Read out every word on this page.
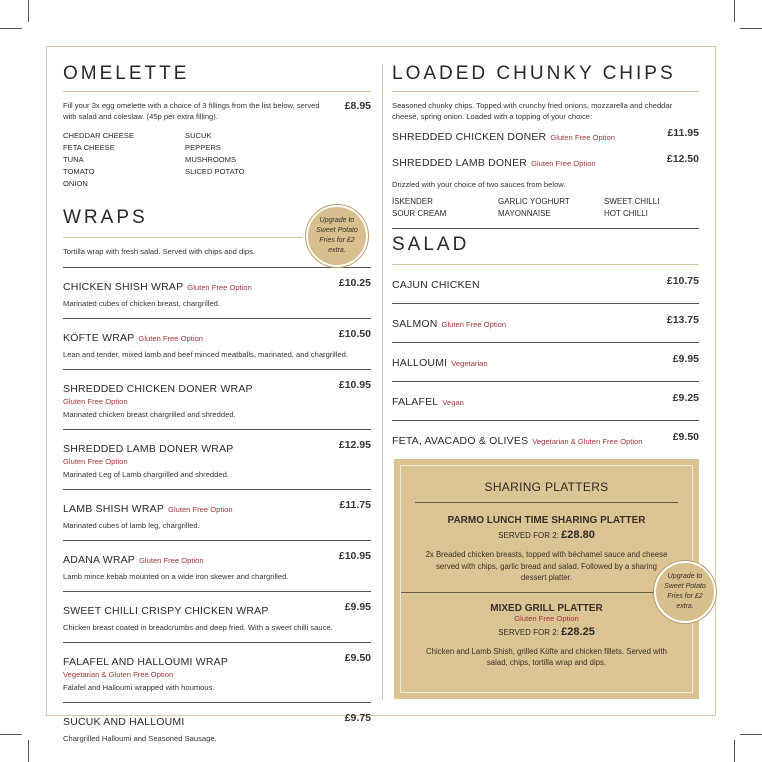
OMELETTE
Fill your 3x egg omelette with a choice of 3 fillings from the list below, served with salad and coleslaw. (45p per extra filling).
£8.95
CHEDDAR CHEESE	SUCUK
FETA CHEESE	PEPPERS
TUNA	MUSHROOMS
TOMATO	SLICED POTATO
ONION
WRAPS
Tortilla wrap with fresh salad. Served with chips and dips.
CHICKEN SHISH WRAP Gluten Free Option	£10.25
Marinated cubes of chicken breast, chargrilled.
KÖFTE WRAP Gluten Free Option	£10.50
Lean and tender, mixed lamb and beef minced meatballs, marinated, and chargrilled.
SHREDDED CHICKEN DONER WRAP
Gluten Free Option
£10.95
Marinated chicken breast chargrilled and shredded.
SHREDDED LAMB DONER WRAP
Gluten Free Option
£12.95
Marinated Leg of Lamb chargrilled and shredded.
LAMB SHISH WRAP Gluten Free Option	£11.75
Marinated cubes of lamb leg, chargrilled.
ADANA WRAP Gluten Free Option	£10.95
Lamb mince kebab mounted on a wide iron skewer and chargrilled.
SWEET CHILLI CRISPY CHICKEN WRAP	£9.95
Chicken breast coated in breadcrumbs and deep fried. With a sweet chilli sauce.
FALAFEL AND HALLOUMI WRAP
Vegetarian & Gluten Free Option
£9.50
Falafel and Halloumi wrapped with houmous.
SUCUK AND HALLOUMI	£9.75
Chargrilled Halloumi and Seasoned Sausage.
Upgrade to Sweet Potato Fries for £2 extra.
LOADED CHUNKY CHIPS
Seasoned chunky chips. Topped with crunchy fried onions, mozzarella and cheddar cheese, spring onion. Loaded with a topping of your choice:
SHREDDED CHICKEN DONER Gluten Free Option	£11.95
SHREDDED LAMB DONER Gluten Free Option	£12.50
Drizzled with your choice of two sauces from below.
İSKENDER	GARLIC YOGHURT	SWEET CHILLI
SOUR CREAM	MAYONNAISE	HOT CHILLI
SALAD
CAJUN CHICKEN	£10.75
SALMON Gluten Free Option	£13.75
HALLOUMI Vegetarian	£9.95
FALAFEL Vegan	£9.25
FETA, AVACADO & OLIVES Vegetarian & Gluten Free Option	£9.50
SHARING PLATTERS
PARMO LUNCH TIME SHARING PLATTER
SERVED FOR 2: £28.80
2x Breaded chicken breasts, topped with béchamel sauce and cheese served with chips, garlic bread and salad. Followed by a sharing dessert platter.
MIXED GRILL PLATTER
Gluten Free Option
SERVED FOR 2: £28.25
Chicken and Lamb Shish, grilled Köfte and chicken fillets. Served with salad, chips, tortilla wrap and dips.
Upgrade to Sweet Potato Fries for £2 extra.
